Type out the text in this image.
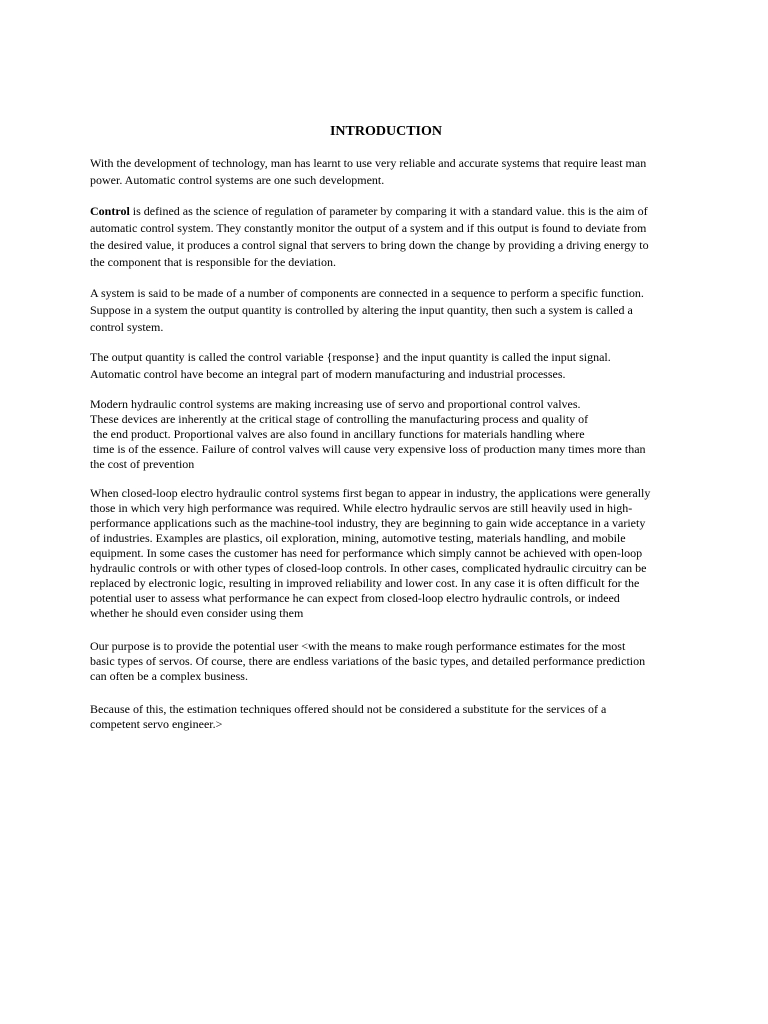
INTRODUCTION
With the development of technology, man has learnt to use very reliable and accurate systems that require least man
power. Automatic control systems are one such development.
Control is defined as the science of regulation of parameter by comparing it with a standard value. this is the aim of
automatic control system. They constantly monitor the output of a system and if this output is found to deviate from
the desired value, it produces a control signal that servers to bring down the change by providing a driving energy to
the component that is responsible for the deviation.
A system is said to be made of a number of components are connected in a sequence to perform a specific function.
Suppose in a system the output quantity is controlled by altering the input quantity, then such a system is called a
control system.
The output quantity is called the control variable {response} and the input quantity is called the input signal.
Automatic control have become an integral part of modern manufacturing and industrial processes.
Modern hydraulic control systems are making increasing use of servo and proportional control valves.
These devices are inherently at the critical stage of controlling the manufacturing process and quality of
the end product. Proportional valves are also found in ancillary functions for materials handling where
time is of the essence. Failure of control valves will cause very expensive loss of production many times more than
the cost of prevention
When closed-loop electro hydraulic control systems first began to appear in industry, the applications were generally
those in which very high performance was required. While electro hydraulic servos are still heavily used in high-
performance applications such as the machine-tool industry, they are beginning to gain wide acceptance in a variety
of industries. Examples are plastics, oil exploration, mining, automotive testing, materials handling, and mobile
equipment. In some cases the customer has need for performance which simply cannot be achieved with open-loop
hydraulic controls or with other types of closed-loop controls. In other cases, complicated hydraulic circuitry can be
replaced by electronic logic, resulting in improved reliability and lower cost. In any case it is often difficult for the
potential user to assess what performance he can expect from closed-loop electro hydraulic controls, or indeed
whether he should even consider using them
Our purpose is to provide the potential user <with the means to make rough performance estimates for the most
basic types of servos. Of course, there are endless variations of the basic types, and detailed performance prediction
can often be a complex business.
Because of this, the estimation techniques offered should not be considered a substitute for the services of a
competent servo engineer.>
